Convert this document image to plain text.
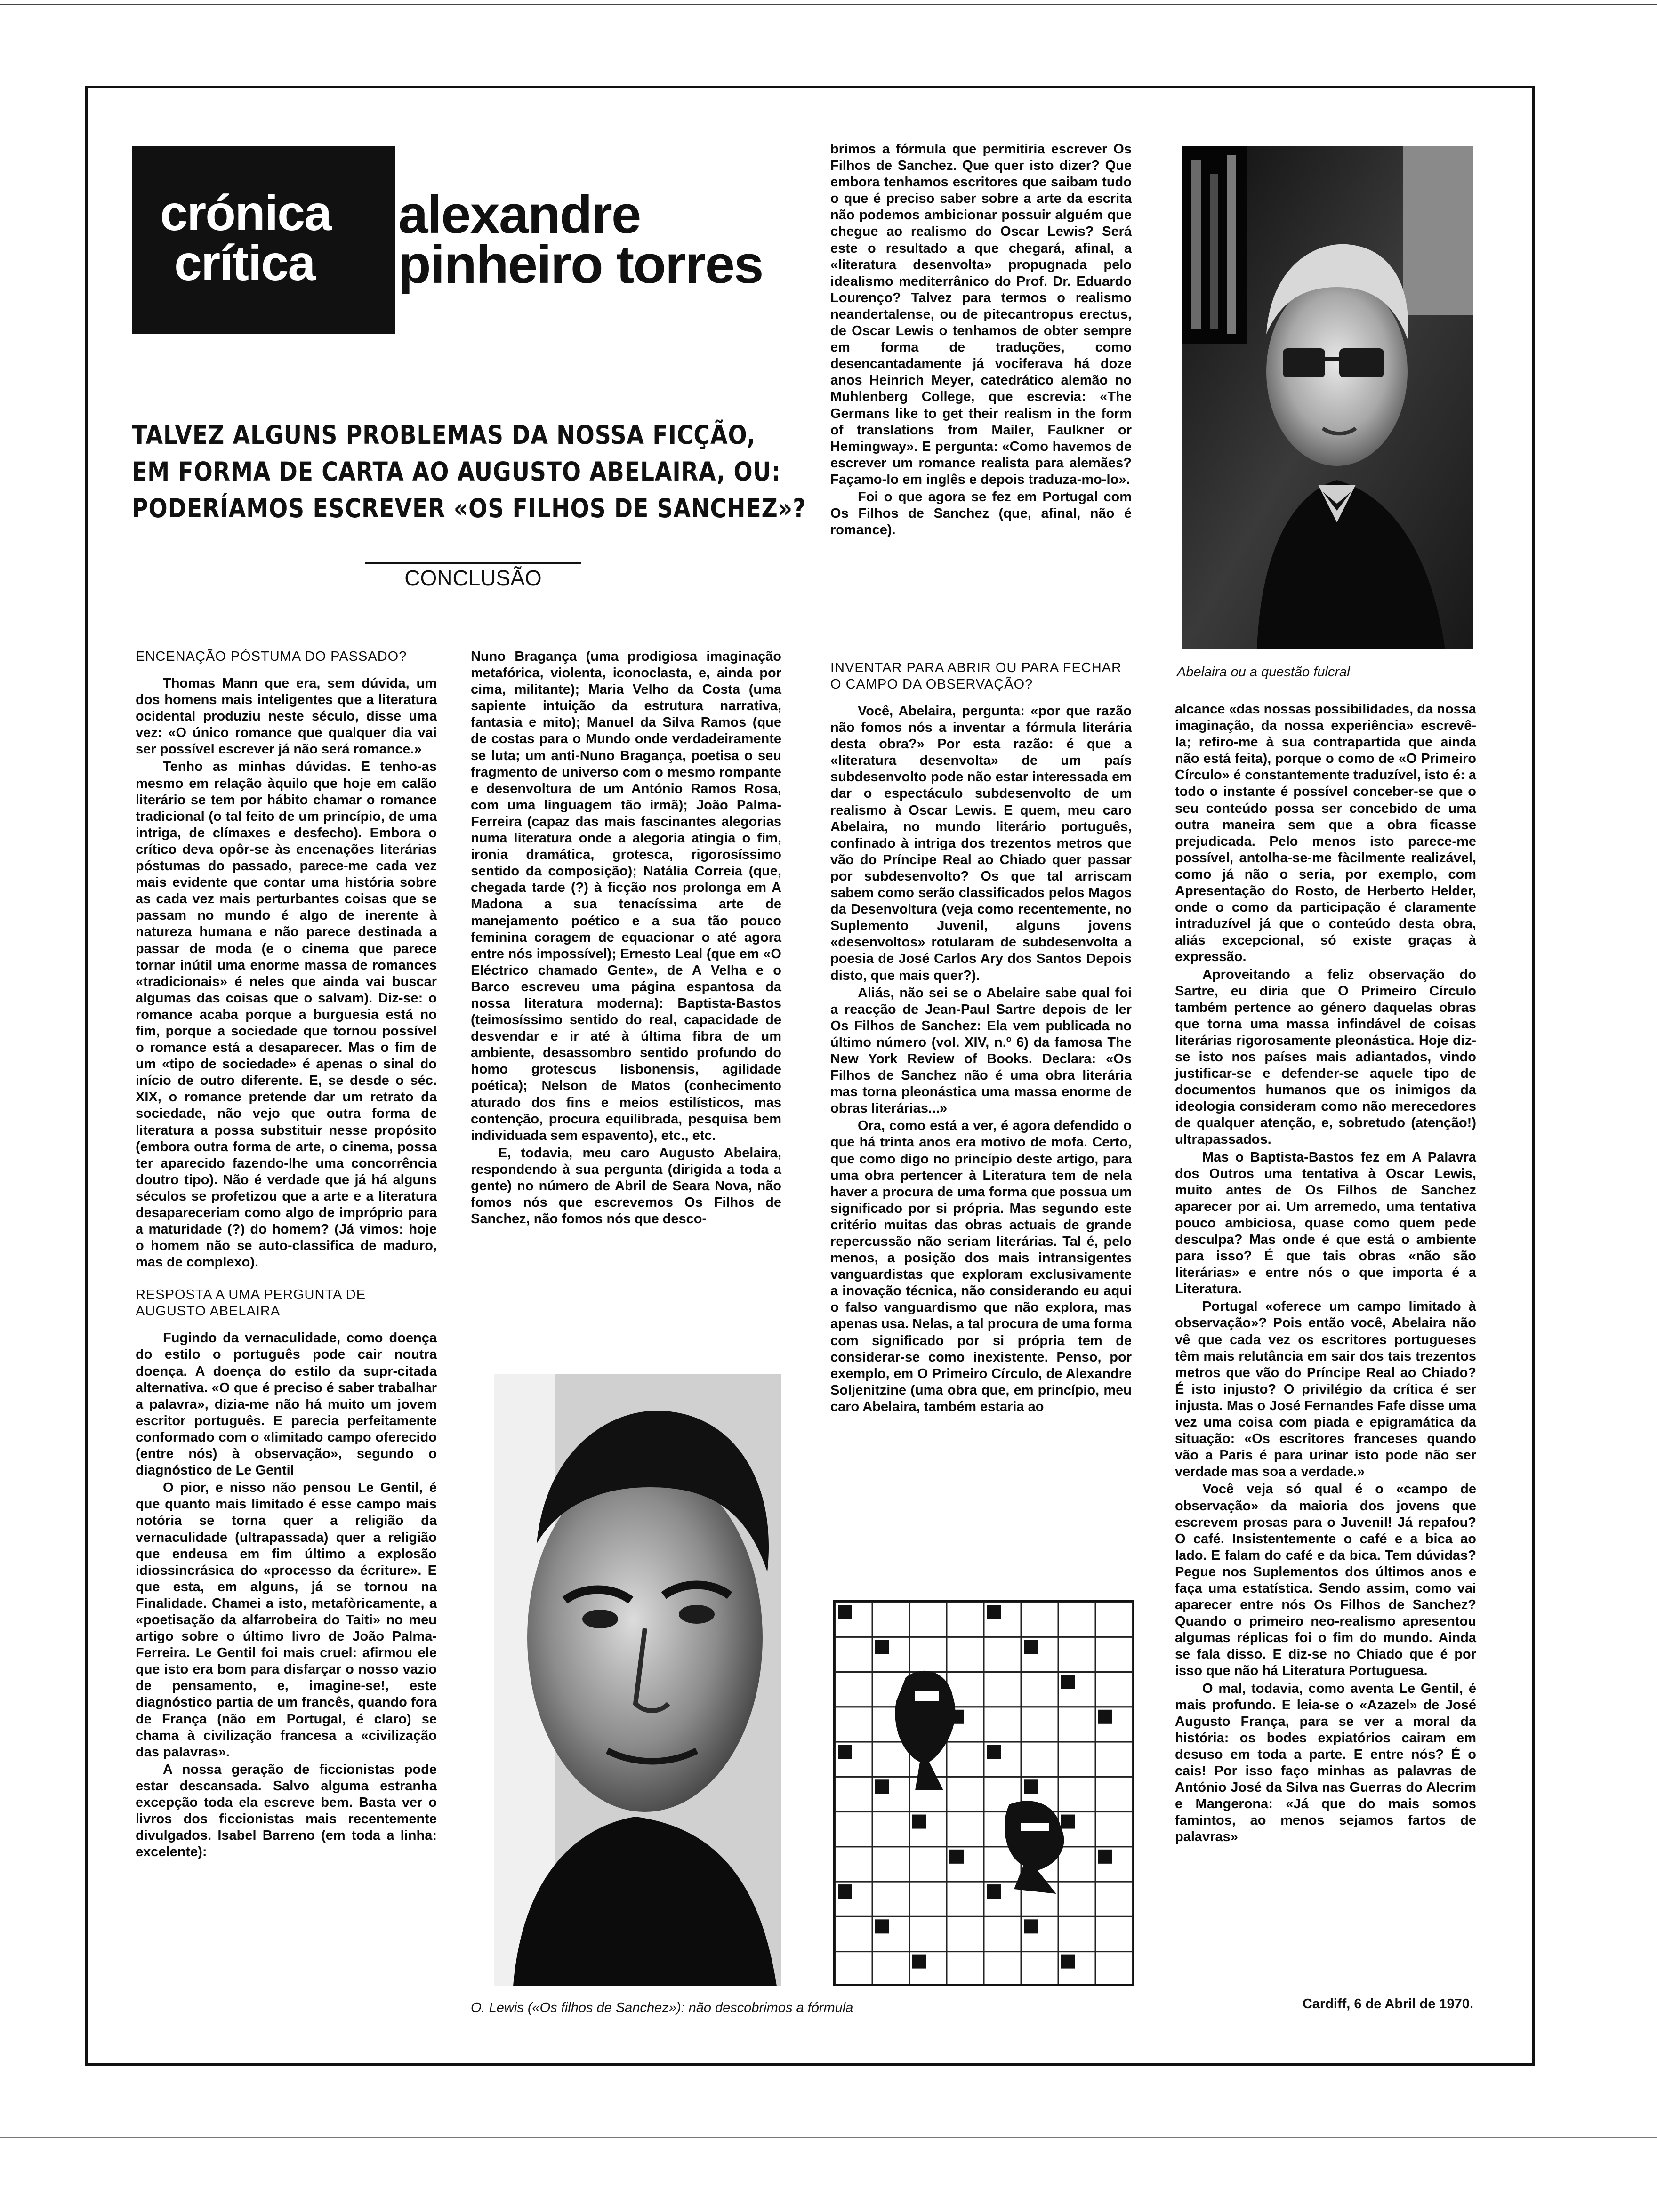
crónica
crítica
alexandre
pinheiro torres
TALVEZ ALGUNS PROBLEMAS DA NOSSA FICÇÃO,
EM FORMA DE CARTA AO AUGUSTO ABELAIRA, OU:
PODERÍAMOS ESCREVER «OS FILHOS DE SANCHEZ»?
CONCLUSÃO
ENCENAÇÃO PÓSTUMA DO PASSADO?

Thomas Mann que era, sem dúvida, um dos homens mais inteligentes que a literatura ocidental produziu neste século, disse uma vez: «O único romance que qualquer dia vai ser possível escrever já não será romance.»

Tenho as minhas dúvidas. E tenho-as mesmo em relação àquilo que hoje em calão literário se tem por hábito chamar o romance tradicional (o tal feito de um princípio, de uma intriga, de clímaxes e desfecho). Embora o crítico deva opôr-se às encenações literárias póstumas do passado, parece-me cada vez mais evidente que contar uma história sobre as cada vez mais perturbantes coisas que se passam no mundo é algo de inerente à natureza humana e não parece destinada a passar de moda (e o cinema que parece tornar inútil uma enorme massa de romances «tradicionais» é neles que ainda vai buscar algumas das coisas que o salvam). Diz-se: o romance acaba porque a burguesia está no fim, porque a sociedade que tornou possível o romance está a desaparecer. Mas o fim de um «tipo de sociedade» é apenas o sinal do início de outro diferente. E, se desde o séc. XIX, o romance pretende dar um retrato da sociedade, não vejo que outra forma de literatura a possa substituir nesse propósito (embora outra forma de arte, o cinema, possa ter aparecido fazendo-lhe uma concorrência doutro tipo). Não é verdade que já há alguns séculos se profetizou que a arte e a literatura desapareceriam como algo de impróprio para a maturidade (?) do homem? (Já vimos: hoje o homem não se auto-classifica de maduro, mas de complexo).

RESPOSTA A UMA PERGUNTA DE AUGUSTO ABELAIRA

Fugindo da vernaculidade, como doença do estilo o português pode cair noutra doença. A doença do estilo da supr-citada alternativa. «O que é preciso é saber trabalhar a palavra», dizia-me não há muito um jovem escritor português. E parecia perfeitamente conformado com o «limitado campo oferecido (entre nós) à observação», segundo o diagnóstico de Le Gentil

O pior, e nisso não pensou Le Gentil, é que quanto mais limitado é esse campo mais notória se torna quer a religião da vernaculidade (ultrapassada) quer a religião que endeusa em fim último a explosão idiossincrásica do «processo da écriture». E que esta, em alguns, já se tornou na Finalidade. Chamei a isto, metafòricamente, a «poetisação da alfarrobeira do Taiti» no meu artigo sobre o último livro de João Palma-Ferreira. Le Gentil foi mais cruel: afirmou ele que isto era bom para disfarçar o nosso vazio de pensamento, e, imagine-se!, este diagnóstico partia de um francês, quando fora de França (não em Portugal, é claro) se chama à civilização francesa a «civilização das palavras».

A nossa geração de ficcionistas pode estar descansada. Salvo alguma estranha excepção toda ela escreve bem. Basta ver o livros dos ficcionistas mais recentemente divulgados. Isabel Barreno (em toda a linha: excelente):

Nuno Bragança (uma prodigiosa imaginação metafórica, violenta, iconoclasta, e, ainda por cima, militante); Maria Velho da Costa (uma sapiente intuição da estrutura narrativa, fantasia e mito); Manuel da Silva Ramos (que de costas para o Mundo onde verdadeiramente se luta; um anti-Nuno Bragança, poetisa o seu fragmento de universo com o mesmo rompante e desenvoltura de um António Ramos Rosa, com uma linguagem tão irmã); João Palma-Ferreira (capaz das mais fascinantes alegorias numa literatura onde a alegoria atingia o fim, ironia dramática, grotesca, rigorosíssimo sentido da composição); Natália Correia (que, chegada tarde (?) à ficção nos prolonga em A Madona a sua tenacíssima arte de manejamento poético e a sua tão pouco feminina coragem de equacionar o até agora entre nós impossível); Ernesto Leal (que em «O Eléctrico chamado Gente», de A Velha e o Barco escreveu uma página espantosa da nossa literatura moderna): Baptista-Bastos (teimosíssimo sentido do real, capacidade de desvendar e ir até à última fibra de um ambiente, desassombro sentido profundo do homo grotescus lisbonensis, agilidade poética); Nelson de Matos (conhecimento aturado dos fins e meios estilísticos, mas contenção, procura equilibrada, pesquisa bem individuada sem espavento), etc., etc.

E, todavia, meu caro Augusto Abelaira, respondendo à sua pergunta (dirigida a toda a gente) no número de Abril de Seara Nova, não fomos nós que escrevemos Os Filhos de Sanchez, não fomos nós que desco-

brimos a fórmula que permitiria escrever Os Filhos de Sanchez. Que quer isto dizer? Que embora tenhamos escritores que saibam tudo o que é preciso saber sobre a arte da escrita não podemos ambicionar possuir alguém que chegue ao realismo do Oscar Lewis? Será este o resultado a que chegará, afinal, a «literatura desenvolta» propugnada pelo idealismo mediterrânico do Prof. Dr. Eduardo Lourenço? Talvez para termos o realismo neandertalense, ou de pitecantropus erectus, de Oscar Lewis o tenhamos de obter sempre em forma de traduções, como desencantadamente já vociferava há doze anos Heinrich Meyer, catedrático alemão no Muhlenberg College, que escrevia: «The Germans like to get their realism in the form of translations from Mailer, Faulkner or Hemingway». E pergunta: «Como havemos de escrever um romance realista para alemães? Façamo-lo em inglês e depois traduza-mo-lo».

Foi o que agora se fez em Portugal com Os Filhos de Sanchez (que, afinal, não é romance).

INVENTAR PARA ABRIR OU PARA FECHAR O CAMPO DA OBSERVAÇÃO?

Você, Abelaira, pergunta: «por que razão não fomos nós a inventar a fórmula literária desta obra?» Por esta razão: é que a «literatura desenvolta» de um país subdesenvolto pode não estar interessada em dar o espectáculo subdesenvolto de um realismo à Oscar Lewis. E quem, meu caro Abelaira, no mundo literário português, confinado à intriga dos trezentos metros que vão do Príncipe Real ao Chiado quer passar por subdesenvolto? Os que tal arriscam sabem como serão classificados pelos Magos da Desenvoltura (veja como recentemente, no Suplemento Juvenil, alguns jovens «desenvoltos» rotularam de subdesenvolta a poesia de José Carlos Ary dos Santos Depois disto, que mais quer?).

Aliás, não sei se o Abelaire sabe qual foi a reacção de Jean-Paul Sartre depois de ler Os Filhos de Sanchez: Ela vem publicada no último número (vol. XIV, n.º 6) da famosa The New York Review of Books. Declara: «Os Filhos de Sanchez não é uma obra literária mas torna pleonástica uma massa enorme de obras literárias...»

Ora, como está a ver, é agora defendido o que há trinta anos era motivo de mofa. Certo, que como digo no princípio deste artigo, para uma obra pertencer à Literatura tem de nela haver a procura de uma forma que possua um significado por si própria. Mas segundo este critério muitas das obras actuais de grande repercussão não seriam literárias. Tal é, pelo menos, a posição dos mais intransigentes vanguardistas que exploram exclusivamente a inovação técnica, não considerando eu aqui o falso vanguardismo que não explora, mas apenas usa. Nelas, a tal procura de uma forma com significado por si própria tem de considerar-se como inexistente. Penso, por exemplo, em O Primeiro Círculo, de Alexandre Soljenitzine (uma obra que, em princípio, meu caro Abelaira, também estaria ao

alcance «das nossas possibilidades, da nossa imaginação, da nossa experiência» escrevê-la; refiro-me à sua contrapartida que ainda não está feita), porque o como de «O Primeiro Círculo» é constantemente traduzível, isto é: a todo o instante é possível conceber-se que o seu conteúdo possa ser concebido de uma outra maneira sem que a obra ficasse prejudicada. Pelo menos isto parece-me possível, antolha-se-me fàcilmente realizável, como já não o seria, por exemplo, com Apresentação do Rosto, de Herberto Helder, onde o como da participação é claramente intraduzível já que o conteúdo desta obra, aliás excepcional, só existe graças à expressão.

Aproveitando a feliz observação do Sartre, eu diria que O Primeiro Círculo também pertence ao género daquelas obras que torna uma massa infindável de coisas literárias rigorosamente pleonástica. Hoje diz-se isto nos países mais adiantados, vindo justificar-se e defender-se aquele tipo de documentos humanos que os inimigos da ideologia consideram como não merecedores de qualquer atenção, e, sobretudo (atenção!) ultrapassados.

Mas o Baptista-Bastos fez em A Palavra dos Outros uma tentativa à Oscar Lewis, muito antes de Os Filhos de Sanchez aparecer por ai. Um arremedo, uma tentativa pouco ambiciosa, quase como quem pede desculpa? Mas onde é que está o ambiente para isso? É que tais obras «não são literárias» e entre nós o que importa é a Literatura.

Portugal «oferece um campo limitado à observação»? Pois então você, Abelaira não vê que cada vez os escritores portugueses têm mais relutância em sair dos tais trezentos metros que vão do Príncipe Real ao Chiado? É isto injusto? O privilégio da crítica é ser injusta. Mas o José Fernandes Fafe disse uma vez uma coisa com piada e epigramática da situação: «Os escritores franceses quando vão a Paris é para urinar isto pode não ser verdade mas soa a verdade.»

Você veja só qual é o «campo de observação» da maioria dos jovens que escrevem prosas para o Juvenil! Já repafou? O café. Insistentemente o café e a bica ao lado. E falam do café e da bica. Tem dúvidas? Pegue nos Suplementos dos últimos anos e faça uma estatística. Sendo assim, como vai aparecer entre nós Os Filhos de Sanchez? Quando o primeiro neo-realismo apresentou algumas réplicas foi o fim do mundo. Ainda se fala disso. E diz-se no Chiado que é por isso que não há Literatura Portuguesa.

O mal, todavia, como aventa Le Gentil, é mais profundo. E leia-se o «Azazel» de José Augusto França, para se ver a moral da história: os bodes expiatórios cairam em desuso em toda a parte. E entre nós? É o cais! Por isso faço minhas as palavras de António José da Silva nas Guerras do Alecrim e Mangerona: «Já que do mais somos famintos, ao menos sejamos fartos de palavras»

Abelaira ou a questão fulcral
O. Lewis («Os filhos de Sanchez»): não descobrimos a fórmula	Cardiff, 6 de Abril de 1970.
